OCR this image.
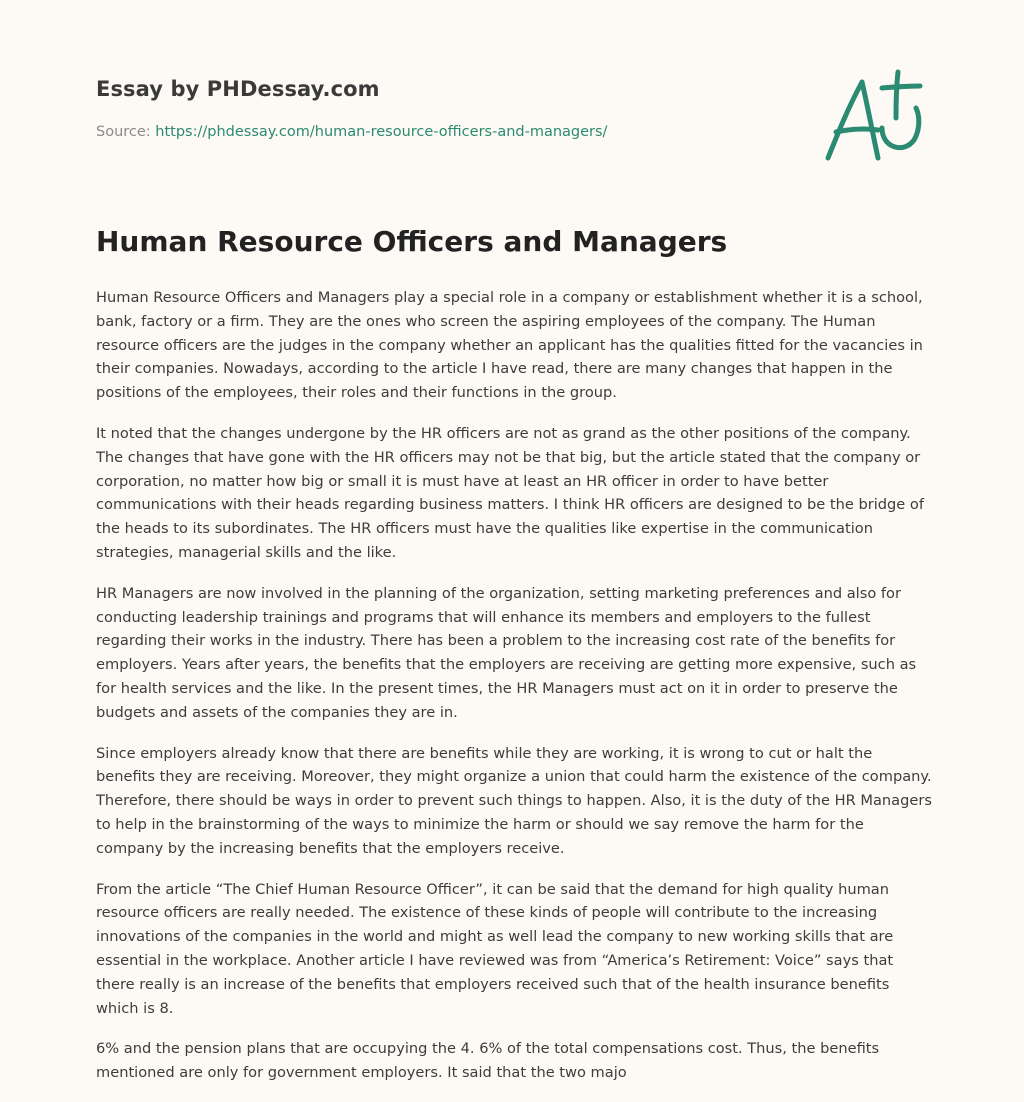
Essay by PHDessay.com
Source: https://phdessay.com/human-resource-officers-and-managers/
Human Resource Officers and Managers

Human Resource Officers and Managers play a special role in a company or establishment whether it is a school, bank, factory or a firm. They are the ones who screen the aspiring employees of the company. The Human resource officers are the judges in the company whether an applicant has the qualities fitted for the vacancies in their companies. Nowadays, according to the article I have read, there are many changes that happen in the positions of the employees, their roles and their functions in the group.

It noted that the changes undergone by the HR officers are not as grand as the other positions of the company. The changes that have gone with the HR officers may not be that big, but the article stated that the company or corporation, no matter how big or small it is must have at least an HR officer in order to have better communications with their heads regarding business matters. I think HR officers are designed to be the bridge of the heads to its subordinates. The HR officers must have the qualities like expertise in the communication strategies, managerial skills and the like.

HR Managers are now involved in the planning of the organization, setting marketing preferences and also for conducting leadership trainings and programs that will enhance its members and employers to the fullest regarding their works in the industry. There has been a problem to the increasing cost rate of the benefits for employers. Years after years, the benefits that the employers are receiving are getting more expensive, such as for health services and the like. In the present times, the HR Managers must act on it in order to preserve the budgets and assets of the companies they are in.

Since employers already know that there are benefits while they are working, it is wrong to cut or halt the benefits they are receiving. Moreover, they might organize a union that could harm the existence of the company. Therefore, there should be ways in order to prevent such things to happen. Also, it is the duty of the HR Managers to help in the brainstorming of the ways to minimize the harm or should we say remove the harm for the company by the increasing benefits that the employers receive.

From the article “The Chief Human Resource Officer”, it can be said that the demand for high quality human resource officers are really needed. The existence of these kinds of people will contribute to the increasing innovations of the companies in the world and might as well lead the company to new working skills that are essential in the workplace. Another article I have reviewed was from “America’s Retirement: Voice” says that there really is an increase of the benefits that employers received such that of the health insurance benefits which is 8.

6% and the pension plans that are occupying the 4. 6% of the total compensations cost. Thus, the benefits mentioned are only for government employers. It said that the two majo
